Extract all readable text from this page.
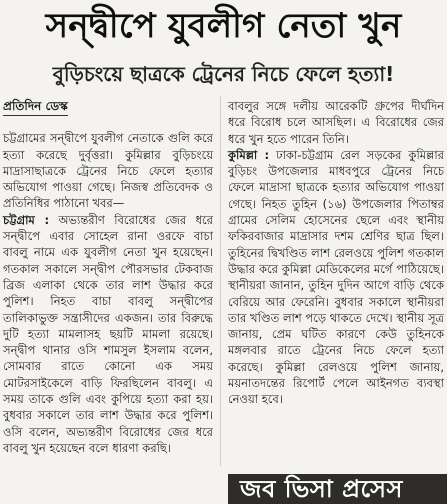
সন্দ্বীপে যুবলীগ নেতা খুন
বুড়িচংয়ে ছাত্রকে ট্রেনের নিচে ফেলে হত্যা!
প্রতিদিন ডেস্ক

চট্টগ্রামের সন্দ্বীপে যুবলীগ নেতাকে গুলি করে হত্যা করেছে দুর্বৃত্তরা। কুমিল্লার বুড়িচংয়ে মাদ্রাসাছাত্রকে ট্রেনের নিচে ফেলে হত্যার অভিযোগ পাওয়া গেছে। নিজস্ব প্রতিবেদক ও প্রতিনিধির পাঠানো খবর—

চট্টগ্রাম : অভ্যন্তরীণ বিরোধের জের ধরে সন্দ্বীপে এবার সোহেল রানা ওরফে বাচা বাবলু নামে এক যুবলীগ নেতা খুন হয়েছেন। গতকাল সকালে সন্দ্বীপ পৌরসভার টেকবাজ ব্রিজ এলাকা থেকে তার লাশ উদ্ধার করে পুলিশ। নিহত বাচা বাবলু সন্দ্বীপের তালিকাভুক্ত সন্ত্রাসীদের একজন। তার বিরুদ্ধে দুটি হত্যা মামলাসহ ছয়টি মামলা রয়েছে। সন্দ্বীপ থানার ওসি শামসুল ইসলাম বলেন, সোমবার রাতে কোনো এক সময় মোটরসাইকেলে বাড়ি ফিরছিলেন বাবলু। এ সময় তাকে গুলি এবং কুপিয়ে হত্যা করা হয়। বুধবার সকালে তার লাশ উদ্ধার করে পুলিশ। ওসি বলেন, অভ্যন্তরীণ বিরোধের জের ধরে বাবলু খুন হয়েছেন বলে ধারণা করছি।

বাবলুর সঙ্গে দলীয় আরেকটি গ্রুপের দীর্ঘদিন ধরে বিরোধ চলে আসছিল। এ বিরোধের জের ধরে খুন হতে পারেন তিনি।

কুমিল্লা : ঢাকা-চট্টগ্রাম রেল সড়কের কুমিল্লার বুড়িচং উপজেলার মাধবপুরে ট্রেনের নিচে ফেলে মাদ্রাসা ছাত্রকে হত্যার অভিযোগ পাওয়া গেছে। নিহত তুহিন (১৬) উপজেলার পিতাম্বর গ্রামের সেলিম হোসেনের ছেলে এবং স্থানীয় ফকিরবাজার মাদ্রাসার দশম শ্রেণির ছাত্র ছিল। তুহিনের দ্বিখণ্ডিত লাশ রেলওয়ে পুলিশ গতকাল উদ্ধার করে কুমিল্লা মেডিকেলের মর্গে পাঠিয়েছে। স্থানীয়রা জানান, তুহিন দুদিন আগে বাড়ি থেকে বেরিয়ে আর ফেরেনি। বুধবার সকালে স্থানীয়রা তার খণ্ডিত লাশ পড়ে থাকতে দেখে। স্থানীয় সূত্র জানায়, প্রেম ঘটিত কারণে কেউ তুহিনকে মঙ্গলবার রাতে ট্রেনের নিচে ফেলে হত্যা করেছে। কুমিল্লা রেলওয়ে পুলিশ জানায়, ময়নাতদন্তের রিপোর্ট পেলে আইনগত ব্যবস্থা নেওয়া হবে।

জব ভিসা প্রসেস
